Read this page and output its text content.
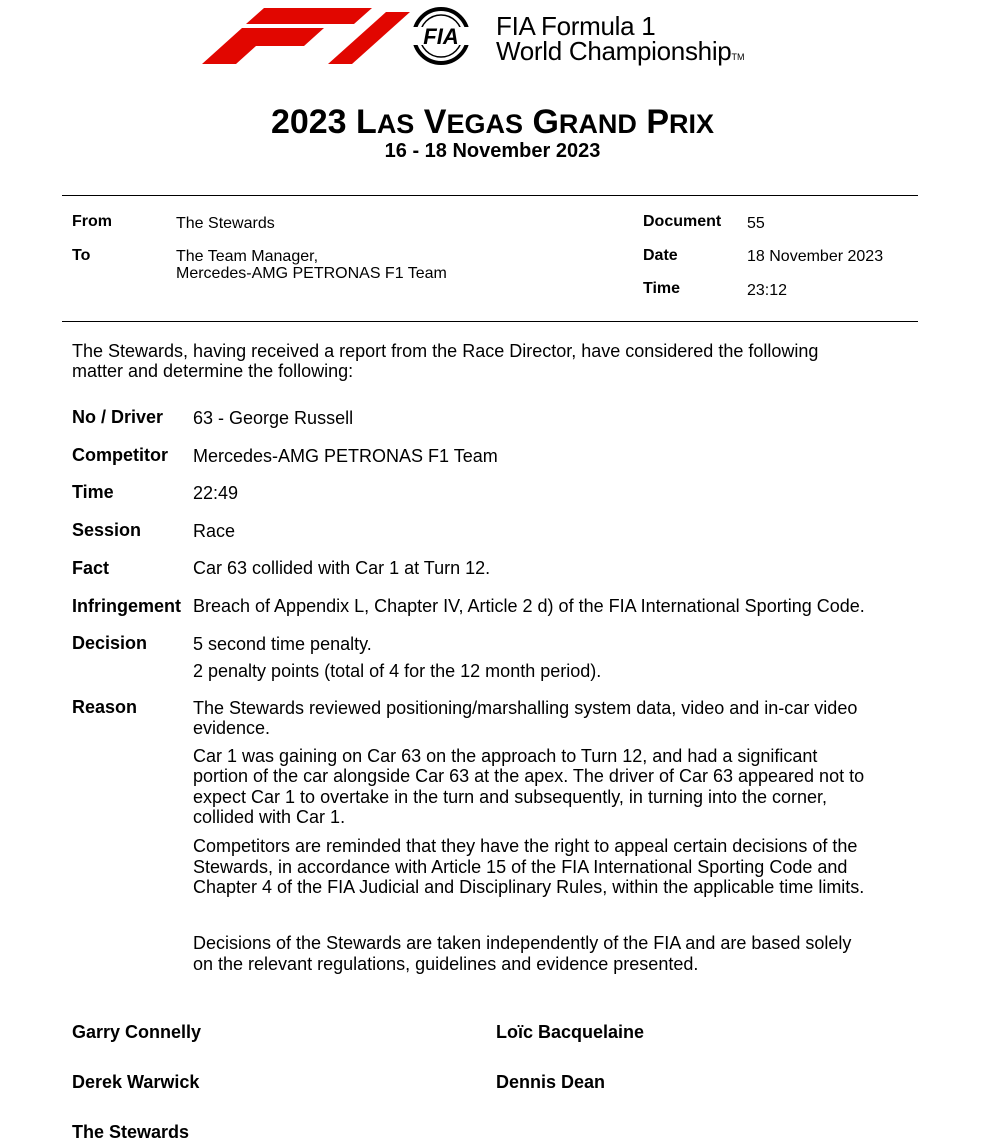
FIA FIA Formula 1
World ChampionshipTM
2023 LAS VEGAS GRAND PRIX
16 - 18 November 2023
From	The Stewards
To	The Team Manager,
Mercedes-AMG PETRONAS F1 Team
Document 55
Date	18 November 2023
Time	23:12
The Stewards, having received a report from the Race Director, have considered the following
matter and determine the following:
No / Driver 63 - George Russell
Competitor Mercedes-AMG PETRONAS F1 Team
Time	22:49
Session	Race
Fact	Car 63 collided with Car 1 at Turn 12.
Infringement Breach of Appendix L, Chapter IV, Article 2 d) of the FIA International Sporting Code.
Decision	5 second time penalty.
2 penalty points (total of 4 for the 12 month period).
Reason	The Stewards reviewed positioning/marshalling system data, video and in-car video
evidence.
Car 1 was gaining on Car 63 on the approach to Turn 12, and had a significant
portion of the car alongside Car 63 at the apex. The driver of Car 63 appeared not to
expect Car 1 to overtake in the turn and subsequently, in turning into the corner,
collided with Car 1.
Competitors are reminded that they have the right to appeal certain decisions of the
Stewards, in accordance with Article 15 of the FIA International Sporting Code and
Chapter 4 of the FIA Judicial and Disciplinary Rules, within the applicable time limits.
Decisions of the Stewards are taken independently of the FIA and are based solely
on the relevant regulations, guidelines and evidence presented.
Garry Connelly	Loïc Bacquelaine
Derek Warwick	Dennis Dean
The Stewards
